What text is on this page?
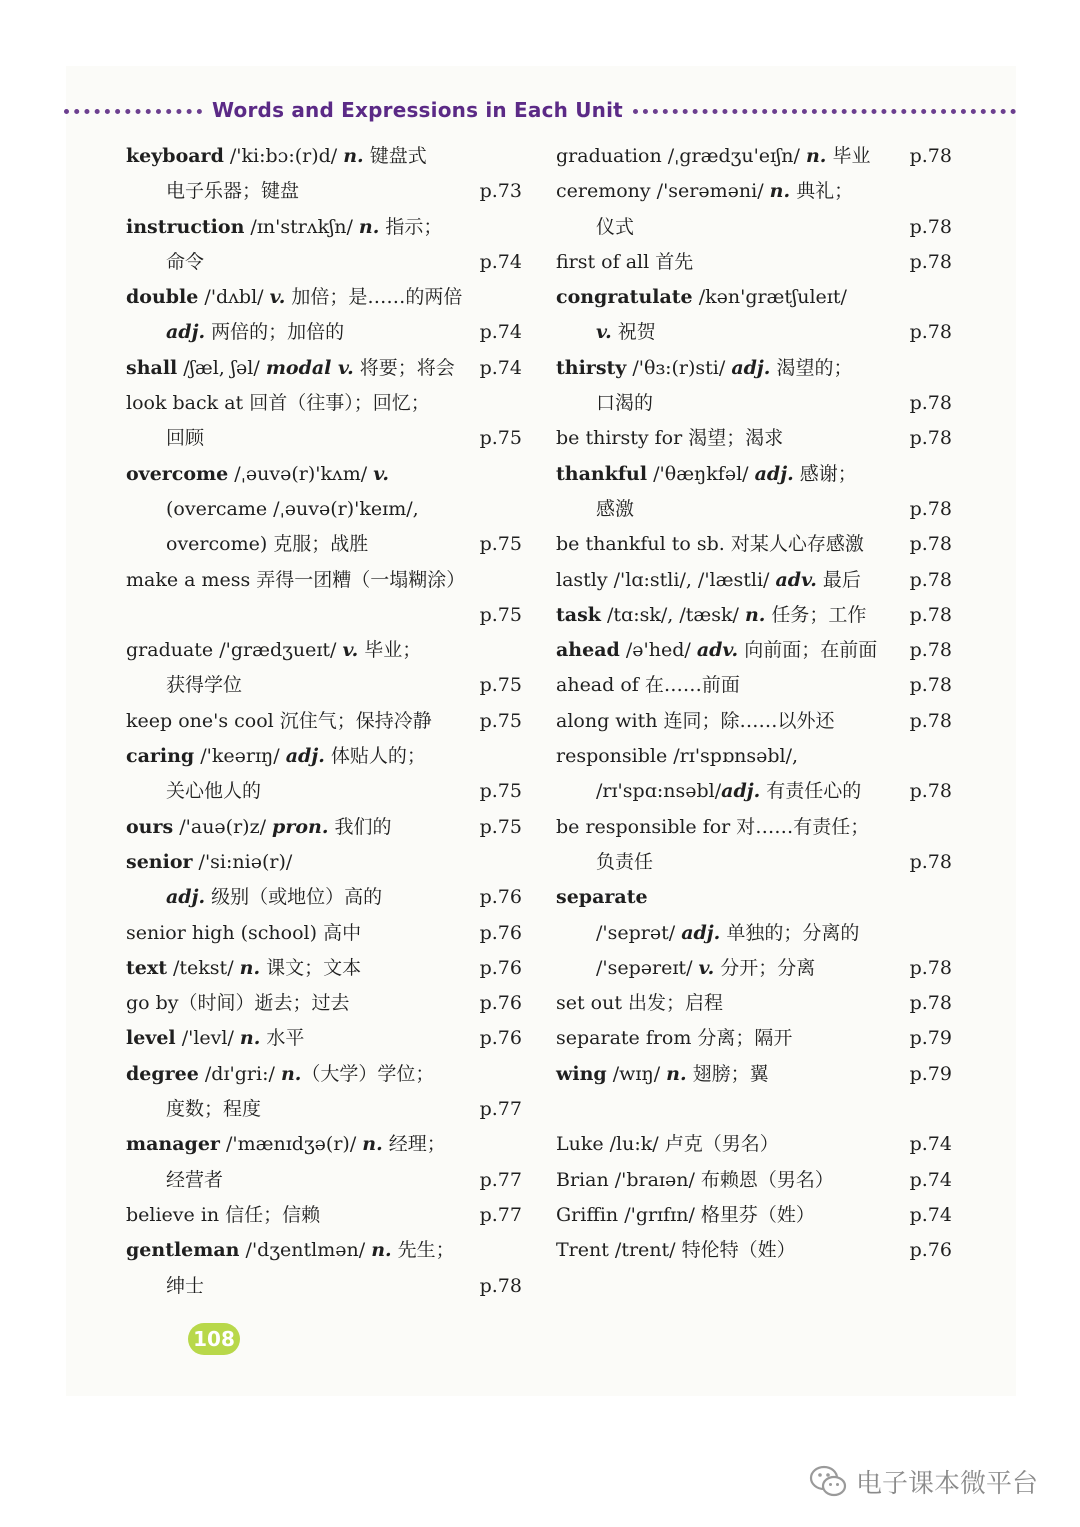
Words and Expressions in Each Unit
keyboard /'ki:bɔ:(r)d/ n. 键盘式
电子乐器；键盘	p.73
instruction /ɪn'strʌkʃn/ n. 指示；
命令	p.74
double /'dʌbl/ v. 加倍；是……的两倍
adj. 两倍的；加倍的	p.74
shall /ʃæl, ʃəl/ modal v. 将要；将会 p.74
look back at 回首（往事）；回忆；
回顾	p.75
overcome /ˌəuvə(r)'kʌm/ v.
(overcame /ˌəuvə(r)'keɪm/,
overcome) 克服；战胜	p.75
make a mess 弄得一团糟（一塌糊涂）
p.75
graduate /'grædʒueɪt/ v. 毕业；
获得学位	p.75
keep one's cool 沉住气；保持冷静	p.75
caring /'keərɪŋ/ adj. 体贴人的；
关心他人的	p.75
ours /'auə(r)z/ pron. 我们的	p.75
senior /'si:niə(r)/
adj. 级别（或地位）高的	p.76
senior high (school) 高中	p.76
text /tekst/ n. 课文；文本	p.76
go by（时间）逝去；过去	p.76
level /'levl/ n. 水平	p.76
degree /dɪ'gri:/ n.（大学）学位；
度数；程度	p.77
manager /'mænɪdʒə(r)/ n. 经理；
经营者	p.77
believe in 信任；信赖	p.77
gentleman /'dʒentlmən/ n. 先生；
绅士	p.78
graduation /ˌgrædʒu'eɪʃn/ n. 毕业 p.78
ceremony /'serəməni/ n. 典礼；
仪式	p.78
first of all 首先	p.78
congratulate /kən'grætʃuleɪt/
v. 祝贺	p.78
thirsty /'θɜ:(r)sti/ adj. 渴望的；
口渴的	p.78
be thirsty for 渴望；渴求	p.78
thankful /'θæŋkfəl/ adj. 感谢；
感激	p.78
be thankful to sb. 对某人心存感激 p.78
lastly /'lɑ:stli/, /'læstli/ adv. 最后	p.78
task /tɑ:sk/, /tæsk/ n. 任务；工作 p.78
ahead /ə'hed/ adv. 向前面；在前面 p.78
ahead of 在……前面	p.78
along with 连同；除……以外还	p.78
responsible /rɪ'spɒnsəbl/,
/rɪ'spɑ:nsəbl/adj. 有责任心的	p.78
be responsible for 对……有责任；
负责任	p.78
separate
/'seprət/ adj. 单独的；分离的
/'sepəreɪt/ v. 分开；分离	p.78
set out 出发；启程	p.78
separate from 分离；隔开	p.79
wing /wɪŋ/ n. 翅膀；翼	p.79
Luke /lu:k/ 卢克（男名）	p.74
Brian /'braɪən/ 布赖恩（男名）	p.74
Griffin /'grɪfɪn/ 格里芬（姓）	p.74
Trent /trent/ 特伦特（姓）	p.76
108
电子课本微平台
